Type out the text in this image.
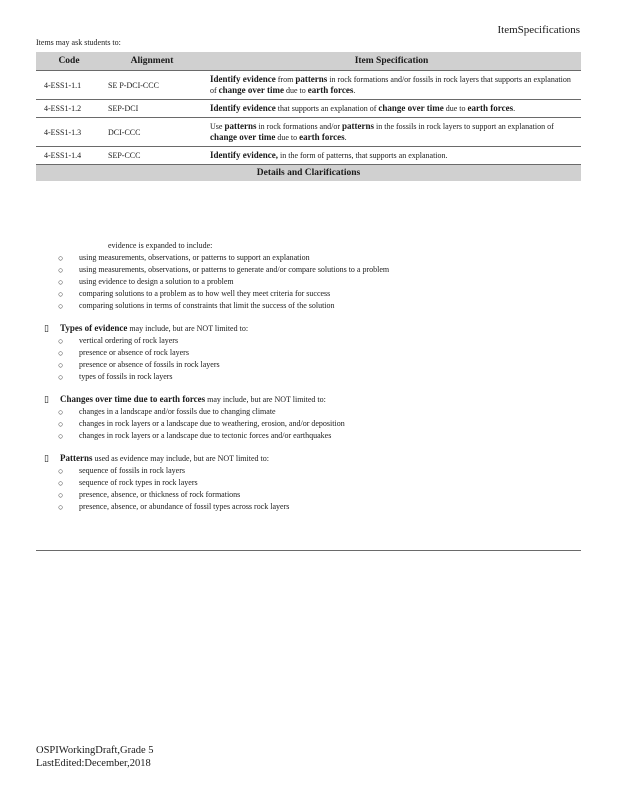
ItemSpecifications
Items may ask students to:
Code	Alignment	Item Specification
4-ESS1-1.1	SE P-DCI-CCC	Identify evidence from patterns in rock formations and/or fossils in rock layers that supports an explanation of change over time due to earth forces.
4-ESS1-1.2	SEP-DCI	Identify evidence that supports an explanation of change over time due to earth forces.
4-ESS1-1.3	DCI-CCC	Use patterns in rock formations and/or patterns in the fossils in rock layers to support an explanation of change over time due to earth forces.
4-ESS1-1.4	SEP-CCC	Identify evidence, in the form of patterns, that supports an explanation.
Details and Clarifications		
evidence is expanded to include:
○ using measurements, observations, or patterns to support an explanation
○ using measurements, observations, or patterns to generate and/or compare solutions to a problem
○ using evidence to design a solution to a problem
○ comparing solutions to a problem as to how well they meet criteria for success
○ comparing solutions in terms of constraints that limit the success of the solution
▯ Types of evidence may include, but are NOT limited to:
○ vertical ordering of rock layers
○ presence or absence of rock layers
○ presence or absence of fossils in rock layers
○ types of fossils in rock layers
▯ Changes over time due to earth forces may include, but are NOT limited to:
○ changes in a landscape and/or fossils due to changing climate
○ changes in rock layers or a landscape due to weathering, erosion, and/or deposition
○ changes in rock layers or a landscape due to tectonic forces and/or earthquakes
▯ Patterns used as evidence may include, but are NOT limited to:
○ sequence of fossils in rock layers
○ sequence of rock types in rock layers
○ presence, absence, or thickness of rock formations
○ presence, absence, or abundance of fossil types across rock layers
OSPIWorkingDraft,Grade 5
LastEdited:December,2018
